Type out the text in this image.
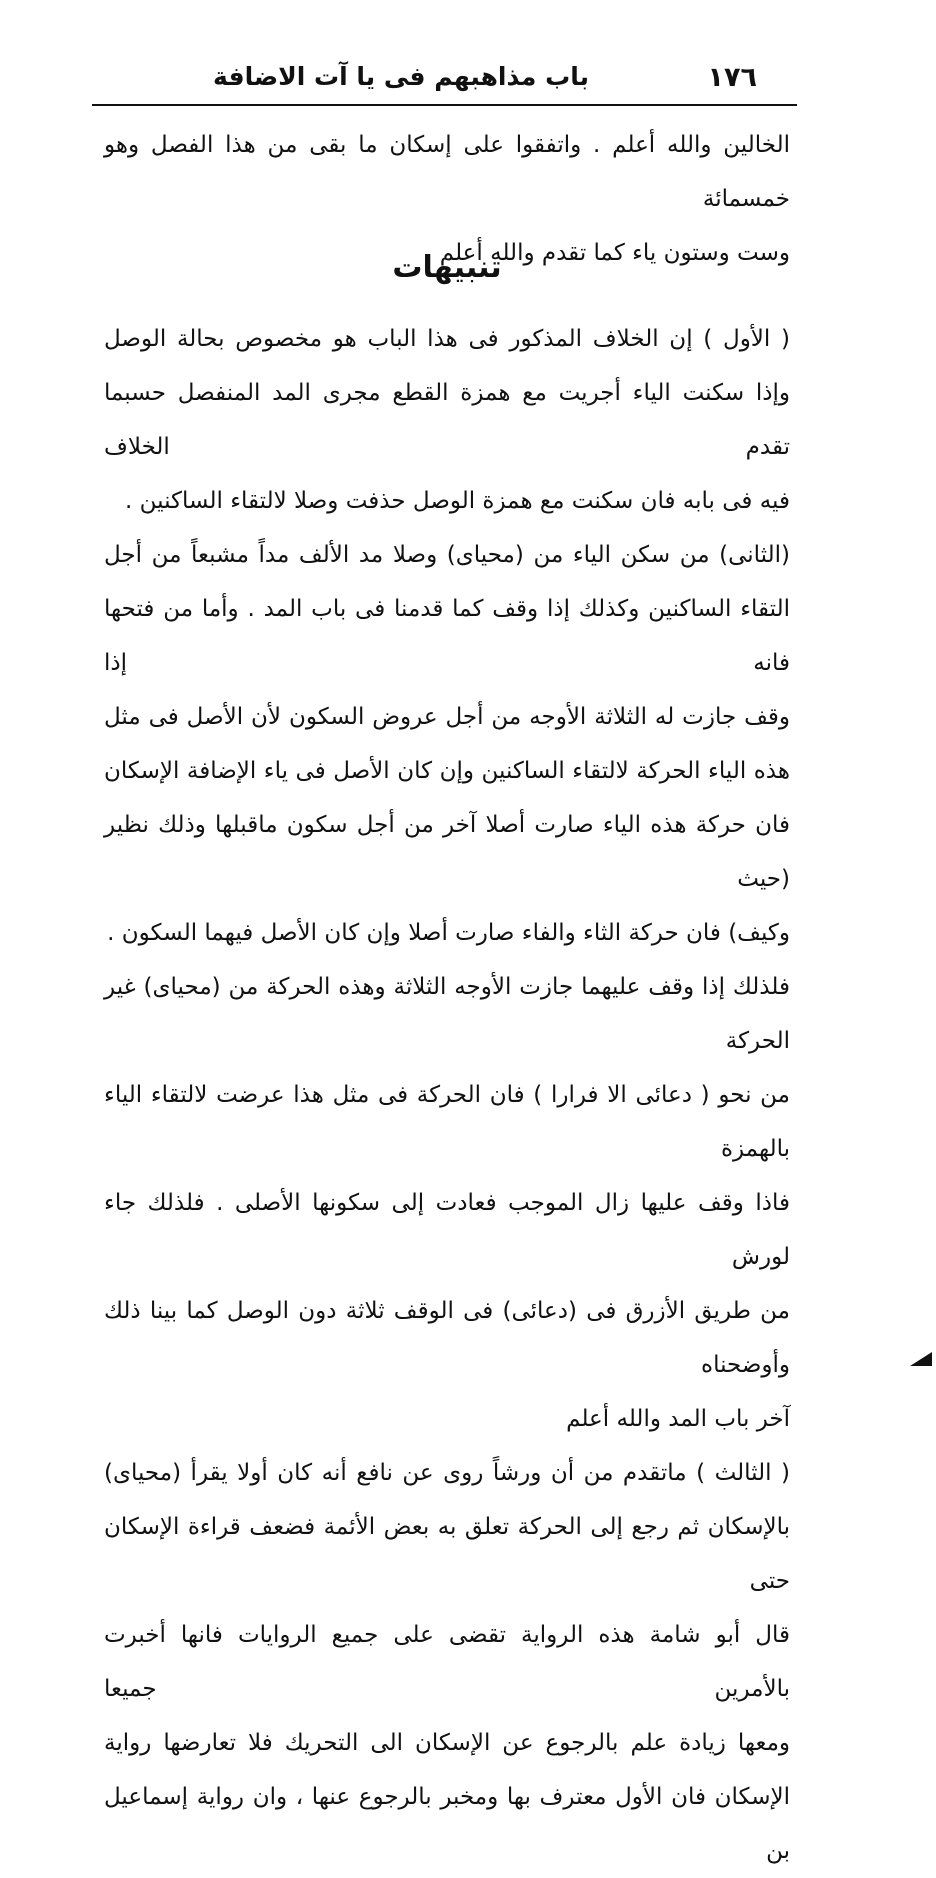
١٧٦
باب مذاهبهم فى يا آت الاضافة

الخالين والله أعلم . واتفقوا على إسكان ما بقى من هذا الفصل وهو خمسمائة

وست وستون ياء كما تقدم والله أعلم

تنبيهات

( الأول ) إن الخلاف المذكور فى هذا الباب هو مخصوص بحالة الوصل

وإذا سكنت الياء أجريت مع همزة القطع مجرى المد المنفصل حسبما تقدم الخلاف

فيه فى بابه فان سكنت مع همزة الوصل حذفت وصلا لالتقاء الساكنين .

(الثانى) من سكن الياء من (محياى) وصلا مد الألف مداً مشبعاً من أجل

التقاء الساكنين وكذلك إذا وقف كما قدمنا فى باب المد . وأما من فتحها فانه إذا

وقف جازت له الثلاثة الأوجه من أجل عروض السكون لأن الأصل فى مثل

هذه الياء الحركة لالتقاء الساكنين وإن كان الأصل فى ياء الإضافة الإسكان

فان حركة هذه الياء صارت أصلا آخر من أجل سكون ماقبلها وذلك نظير (حيث

وكيف) فان حركة الثاء والفاء صارت أصلا وإن كان الأصل فيهما السكون .

فلذلك إذا وقف عليهما جازت الأوجه الثلاثة وهذه الحركة من (محياى) غير الحركة

من نحو ( دعائى الا فرارا ) فان الحركة فى مثل هذا عرضت لالتقاء الياء بالهمزة

فاذا وقف عليها زال الموجب فعادت إلى سكونها الأصلى . فلذلك جاء لورش

من طريق الأزرق فى (دعائى) فى الوقف ثلاثة دون الوصل كما بينا ذلك وأوضحناه

آخر باب المد والله أعلم

( الثالث ) ماتقدم من أن ورشاً روى عن نافع أنه كان أولا يقرأ (محياى)

بالإسكان ثم رجع إلى الحركة تعلق به بعض الأئمة فضعف قراءة الإسكان حتى

قال أبو شامة هذه الرواية تقضى على جميع الروايات فانها أخبرت بالأمرين جميعا

ومعها زيادة علم بالرجوع عن الإسكان الى التحريك فلا تعارضها رواية

الإسكان فان الأول معترف بها ومخبر بالرجوع عنها ، وان رواية إسماعيل بن
